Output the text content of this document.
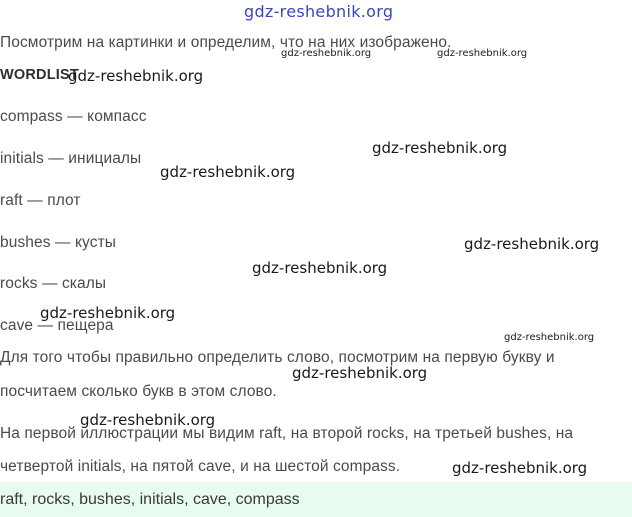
gdz-reshebnik.org

Посмотрим на картинки и определим, что на них изображено.

gdz-reshebnik.org	gdz-reshebnik.org

WORDLIST

gdz-reshebnik.org

compass — компасс

initials — инициалы

gdz-reshebnik.org
gdz-reshebnik.org

raft — плот

bushes — кусты	gdz-reshebnik.org
gdz-reshebnik.org

rocks — скалы

gdz-reshebnik.org

cave — пещера

gdz-reshebnik.org

Для того чтобы правильно определить слово, посмотрим на первую букву и

gdz-reshebnik.org

посчитаем сколько букв в этом слово.

gdz-reshebnik.org

На первой иллюстрации мы видим raft, на второй rocks, на третьей bushes, на

четвертой initials, на пятой cave, и на шестой compass.	gdz-reshebnik.org

raft, rocks, bushes, initials, cave, compass
